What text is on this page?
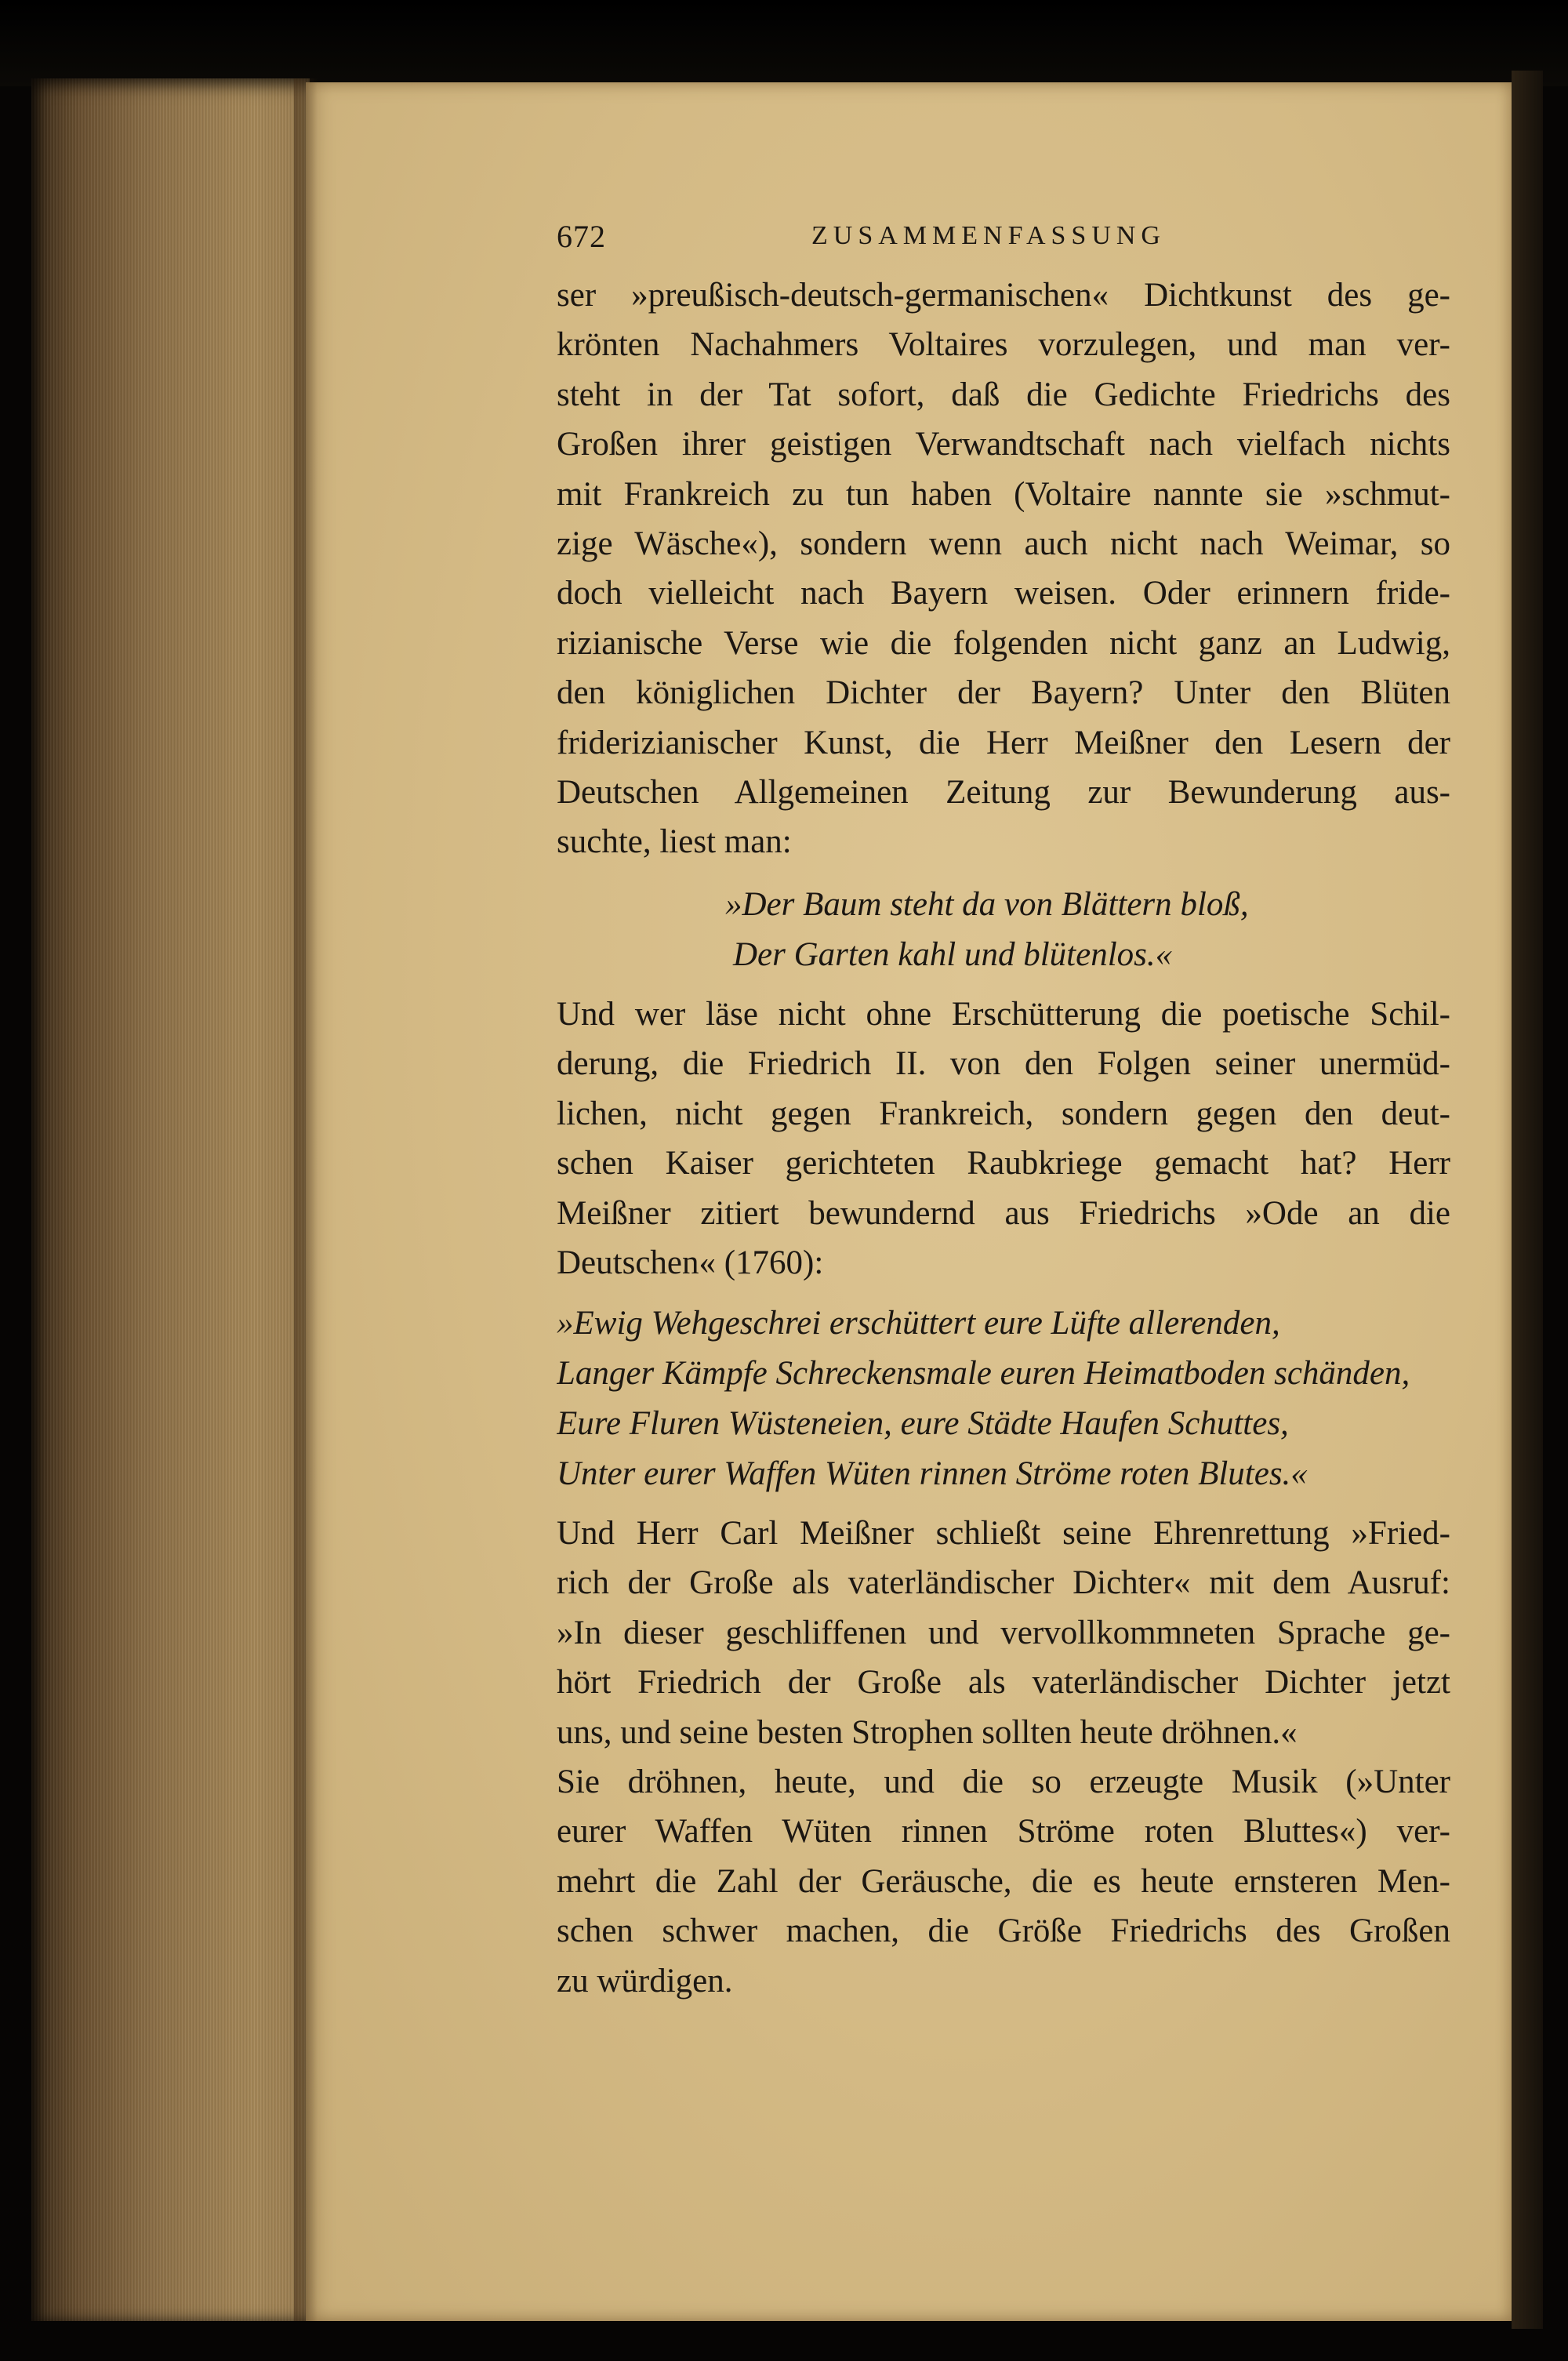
672	ZUSAMMENFASSUNG
ser »preußisch-deutsch-germanischen« Dichtkunst des ge-
krönten Nachahmers Voltaires vorzulegen, und man ver-
steht in der Tat sofort, daß die Gedichte Friedrichs des
Großen ihrer geistigen Verwandtschaft nach vielfach nichts
mit Frankreich zu tun haben (Voltaire nannte sie »schmut-
zige Wäsche«), sondern wenn auch nicht nach Weimar, so
doch vielleicht nach Bayern weisen. Oder erinnern fride-
rizianische Verse wie die folgenden nicht ganz an Ludwig,
den königlichen Dichter der Bayern? Unter den Blüten
friderizianischer Kunst, die Herr Meißner den Lesern der
Deutschen Allgemeinen Zeitung zur Bewunderung aus-
suchte, liest man:
»Der Baum steht da von Blättern bloß,
Der Garten kahl und blütenlos.«
Und wer läse nicht ohne Erschütterung die poetische Schil-
derung, die Friedrich II. von den Folgen seiner unermüd-
lichen, nicht gegen Frankreich, sondern gegen den deut-
schen Kaiser gerichteten Raubkriege gemacht hat? Herr
Meißner zitiert bewundernd aus Friedrichs »Ode an die
Deutschen« (1760):
»Ewig Wehgeschrei erschüttert eure Lüfte allerenden,
Langer Kämpfe Schreckensmale euren Heimatboden schänden,
Eure Fluren Wüsteneien, eure Städte Haufen Schuttes,
Unter eurer Waffen Wüten rinnen Ströme roten Blutes.«
Und Herr Carl Meißner schließt seine Ehrenrettung »Fried-
rich der Große als vaterländischer Dichter« mit dem Ausruf:
»In dieser geschliffenen und vervollkommneten Sprache ge-
hört Friedrich der Große als vaterländischer Dichter jetzt
uns, und seine besten Strophen sollten heute dröhnen.«
Sie dröhnen, heute, und die so erzeugte Musik (»Unter
eurer Waffen Wüten rinnen Ströme roten Bluttes«) ver-
mehrt die Zahl der Geräusche, die es heute ernsteren Men-
schen schwer machen, die Größe Friedrichs des Großen
zu würdigen.
